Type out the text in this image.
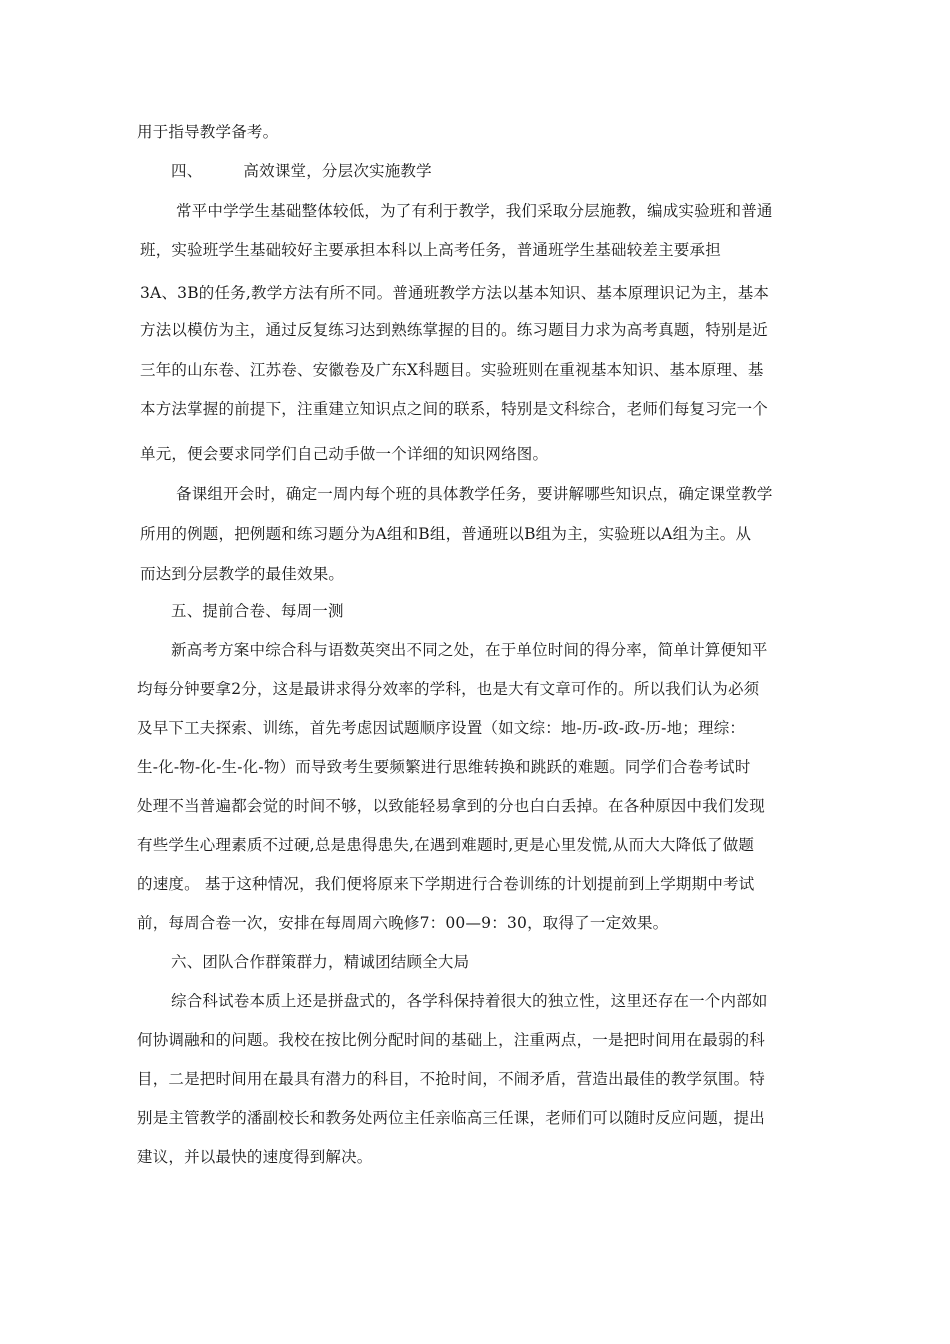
用于指导教学备考。
四、        高效课堂，分层次实施教学
常平中学学生基础整体较低，为了有利于教学，我们采取分层施教，编成实验班和普通
班，实验班学生基础较好主要承担本科以上高考任务，普通班学生基础较差主要承担
3A、3B的任务,教学方法有所不同。普通班教学方法以基本知识、基本原理识记为主，基本
方法以模仿为主，通过反复练习达到熟练掌握的目的。练习题目力求为高考真题，特别是近
三年的山东卷、江苏卷、安徽卷及广东X科题目。实验班则在重视基本知识、基本原理、基
本方法掌握的前提下，注重建立知识点之间的联系，特别是文科综合，老师们每复习完一个
单元，便会要求同学们自己动手做一个详细的知识网络图。
备课组开会时，确定一周内每个班的具体教学任务，要讲解哪些知识点，确定课堂教学
所用的例题，把例题和练习题分为A组和B组，普通班以B组为主，实验班以A组为主。从
而达到分层教学的最佳效果。
五、提前合卷、每周一测
新高考方案中综合科与语数英突出不同之处，在于单位时间的得分率，简单计算便知平
均每分钟要拿2分，这是最讲求得分效率的学科，也是大有文章可作的。所以我们认为必须
及早下工夫探索、训练，首先考虑因试题顺序设置（如文综：地-历-政-政-历-地；理综：
生-化-物-化-生-化-物）而导致考生要频繁进行思维转换和跳跃的难题。同学们合卷考试时
处理不当普遍都会觉的时间不够，以致能轻易拿到的分也白白丢掉。在各种原因中我们发现
有些学生心理素质不过硬,总是患得患失,在遇到难题时,更是心里发慌,从而大大降低了做题
的速度。 基于这种情况，我们便将原来下学期进行合卷训练的计划提前到上学期期中考试
前，每周合卷一次，安排在每周周六晚修7：00—9：30，取得了一定效果。
六、团队合作群策群力，精诚团结顾全大局
综合科试卷本质上还是拼盘式的，各学科保持着很大的独立性，这里还存在一个内部如
何协调融和的问题。我校在按比例分配时间的基础上，注重两点，一是把时间用在最弱的科
目，二是把时间用在最具有潜力的科目，不抢时间，不闹矛盾，营造出最佳的教学氛围。特
别是主管教学的潘副校长和教务处两位主任亲临高三任课，老师们可以随时反应问题，提出
建议，并以最快的速度得到解决。
